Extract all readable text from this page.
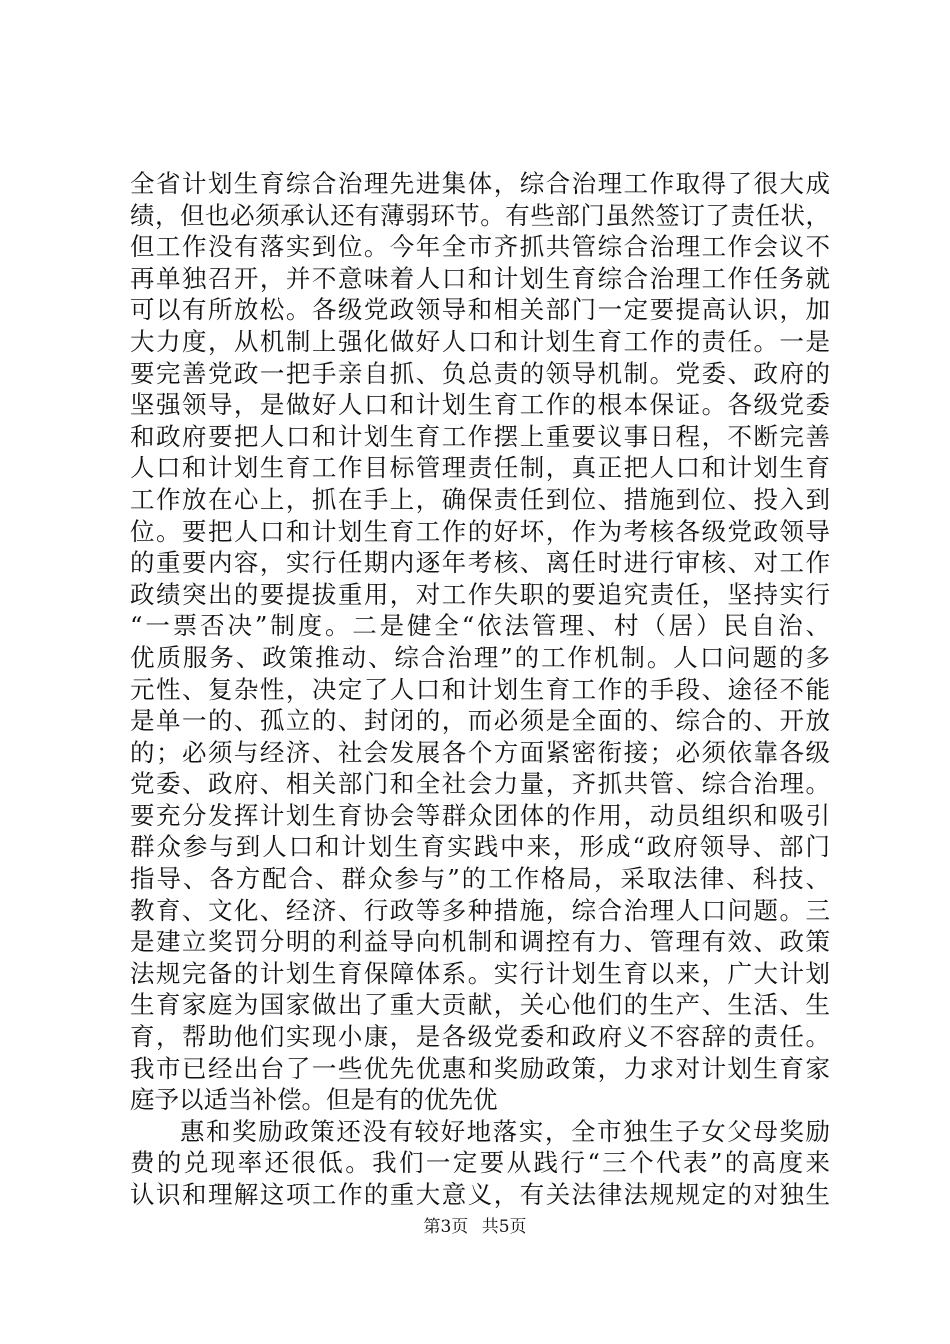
全省计划生育综合治理先进集体，综合治理工作取得了很大成
绩，但也必须承认还有薄弱环节。有些部门虽然签订了责任状，
但工作没有落实到位。今年全市齐抓共管综合治理工作会议不
再单独召开，并不意味着人口和计划生育综合治理工作任务就
可以有所放松。各级党政领导和相关部门一定要提高认识，加
大力度，从机制上强化做好人口和计划生育工作的责任。一是
要完善党政一把手亲自抓、负总责的领导机制。党委、政府的
坚强领导，是做好人口和计划生育工作的根本保证。各级党委
和政府要把人口和计划生育工作摆上重要议事日程，不断完善
人口和计划生育工作目标管理责任制，真正把人口和计划生育
工作放在心上，抓在手上，确保责任到位、措施到位、投入到
位。要把人口和计划生育工作的好坏，作为考核各级党政领导
的重要内容，实行任期内逐年考核、离任时进行审核、对工作
政绩突出的要提拔重用，对工作失职的要追究责任，坚持实行
“一票否决”制度。二是健全“依法管理、村（居）民自治、
优质服务、政策推动、综合治理”的工作机制。人口问题的多
元性、复杂性，决定了人口和计划生育工作的手段、途径不能
是单一的、孤立的、封闭的，而必须是全面的、综合的、开放
的；必须与经济、社会发展各个方面紧密衔接；必须依靠各级
党委、政府、相关部门和全社会力量，齐抓共管、综合治理。
要充分发挥计划生育协会等群众团体的作用，动员组织和吸引
群众参与到人口和计划生育实践中来，形成“政府领导、部门
指导、各方配合、群众参与”的工作格局，采取法律、科技、
教育、文化、经济、行政等多种措施，综合治理人口问题。三
是建立奖罚分明的利益导向机制和调控有力、管理有效、政策
法规完备的计划生育保障体系。实行计划生育以来，广大计划
生育家庭为国家做出了重大贡献，关心他们的生产、生活、生
育，帮助他们实现小康，是各级党委和政府义不容辞的责任。
我市已经出台了一些优先优惠和奖励政策，力求对计划生育家
庭予以适当补偿。但是有的优先优
惠和奖励政策还没有较好地落实，全市独生子女父母奖励
费的兑现率还很低。我们一定要从践行“三个代表”的高度来
认识和理解这项工作的重大意义，有关法律法规规定的对独生
第3页 共5页
